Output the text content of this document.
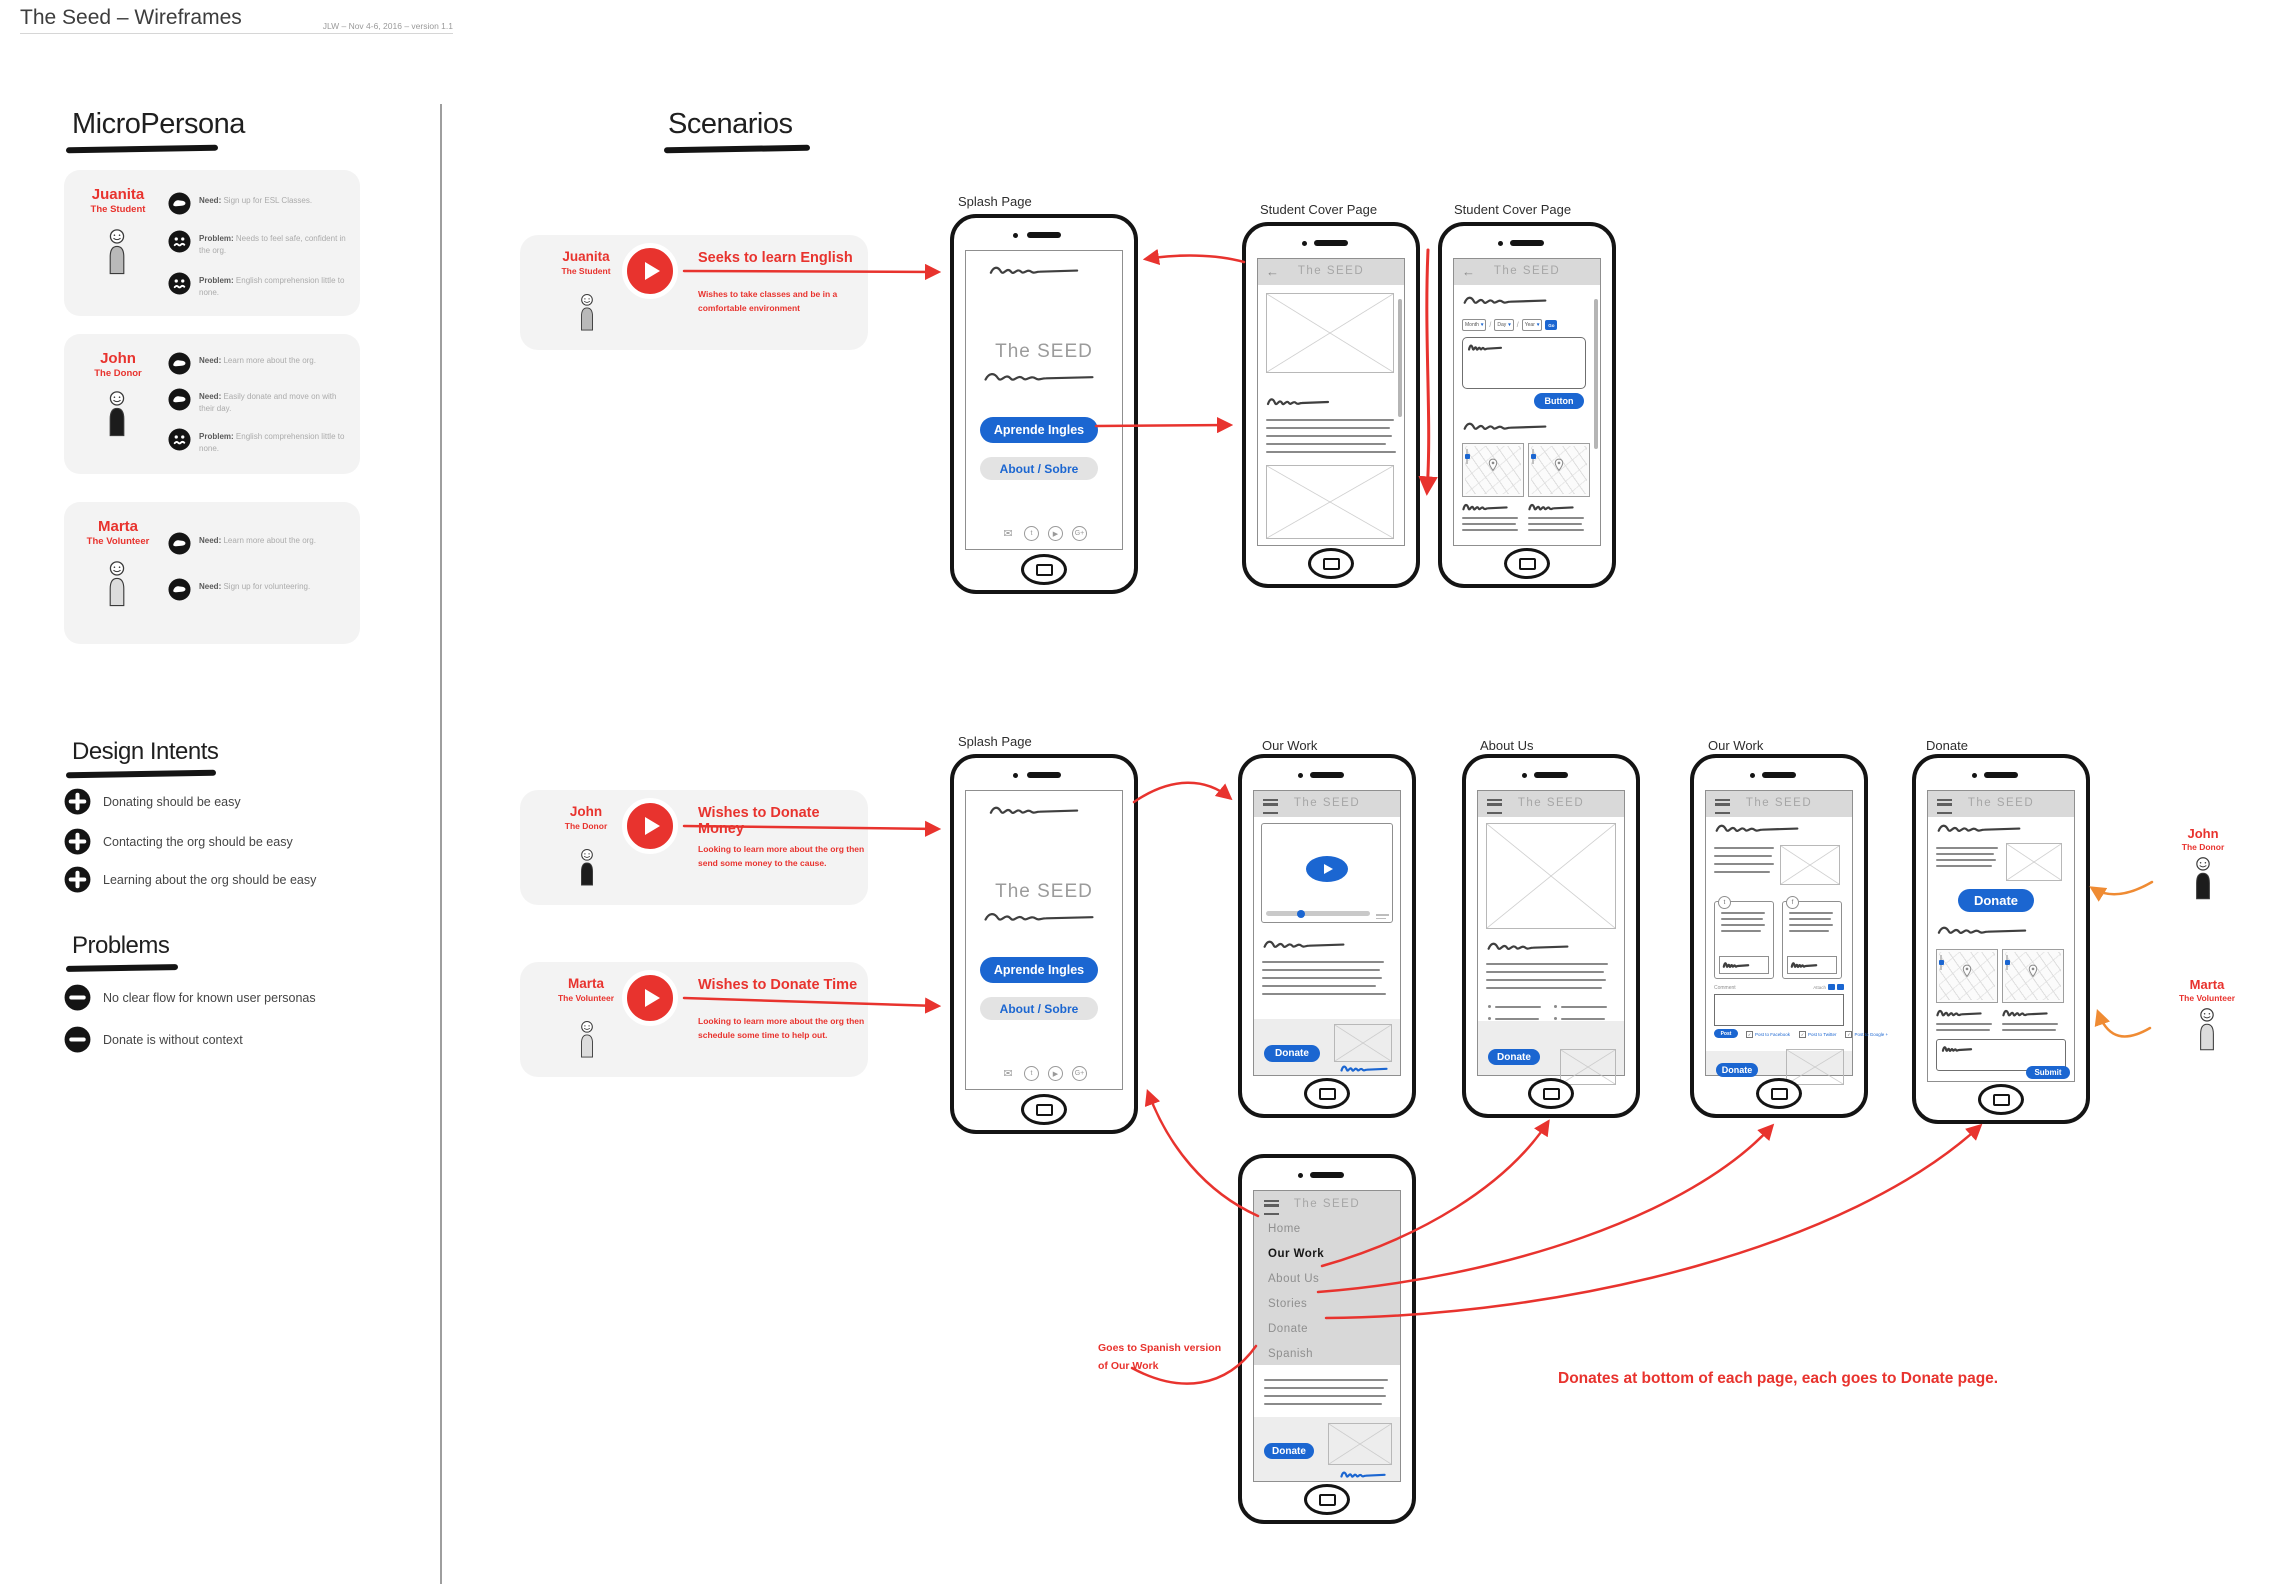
The Seed – Wireframes	JLW – Nov 4-6, 2016 – version 1.1
MicroPersona
Juanita
The Student
Need: Sign up for ESL Classes.
Problem: Needs to feel safe, confident in the org.
Problem: English comprehension little to none.
John
The Donor
Need: Learn more about the org.
Need: Easily donate and move on with their day.
Problem: English comprehension little to none.
Marta
The Volunteer	Need: Learn more about the org.
Need: Sign up for volunteering.
Design Intents
Donating should be easy
Contacting the org should be easy
Learning about the org should be easy
Problems
No clear flow for known user personas
Donate is without context
Scenarios
Juanita
The Student
Seeks to learn English
Wishes to take classes and be in a comfortable environment
John
The Donor
Wishes to Donate Money
Looking to learn more about the org then send some money to the cause.
Marta
The Volunteer
Wishes to Donate Time
Looking to learn more about the org then schedule some time to help out.
Splash Page
Student Cover Page	Student Cover Page
Splash Page	Our Work	About Us	Our Work	Donate
The SEED
Aprende Ingles
About / Sobre
✉	t	▶	G+
←	The SEED	←	The SEED
Month ▾ / Day ▾ / Year ▾	Go
Button
The SEED
Aprende Ingles
About / Sobre
✉	t	▶	G+
The SEED
Donate
The SEED
Donate
The SEED
t	f
Comment	Attach
Post	✓ Post to Facebook	✓ Post to Twitter	✓ Post to Google +
Donate
The SEED
Donate
Submit
The SEED
Home
Our Work
About Us
Stories
Donate
Spanish
Donate
John
The Donor
Marta
The Volunteer
Goes to Spanish version of Our Work
Donates at bottom of each page, each goes to Donate page.
